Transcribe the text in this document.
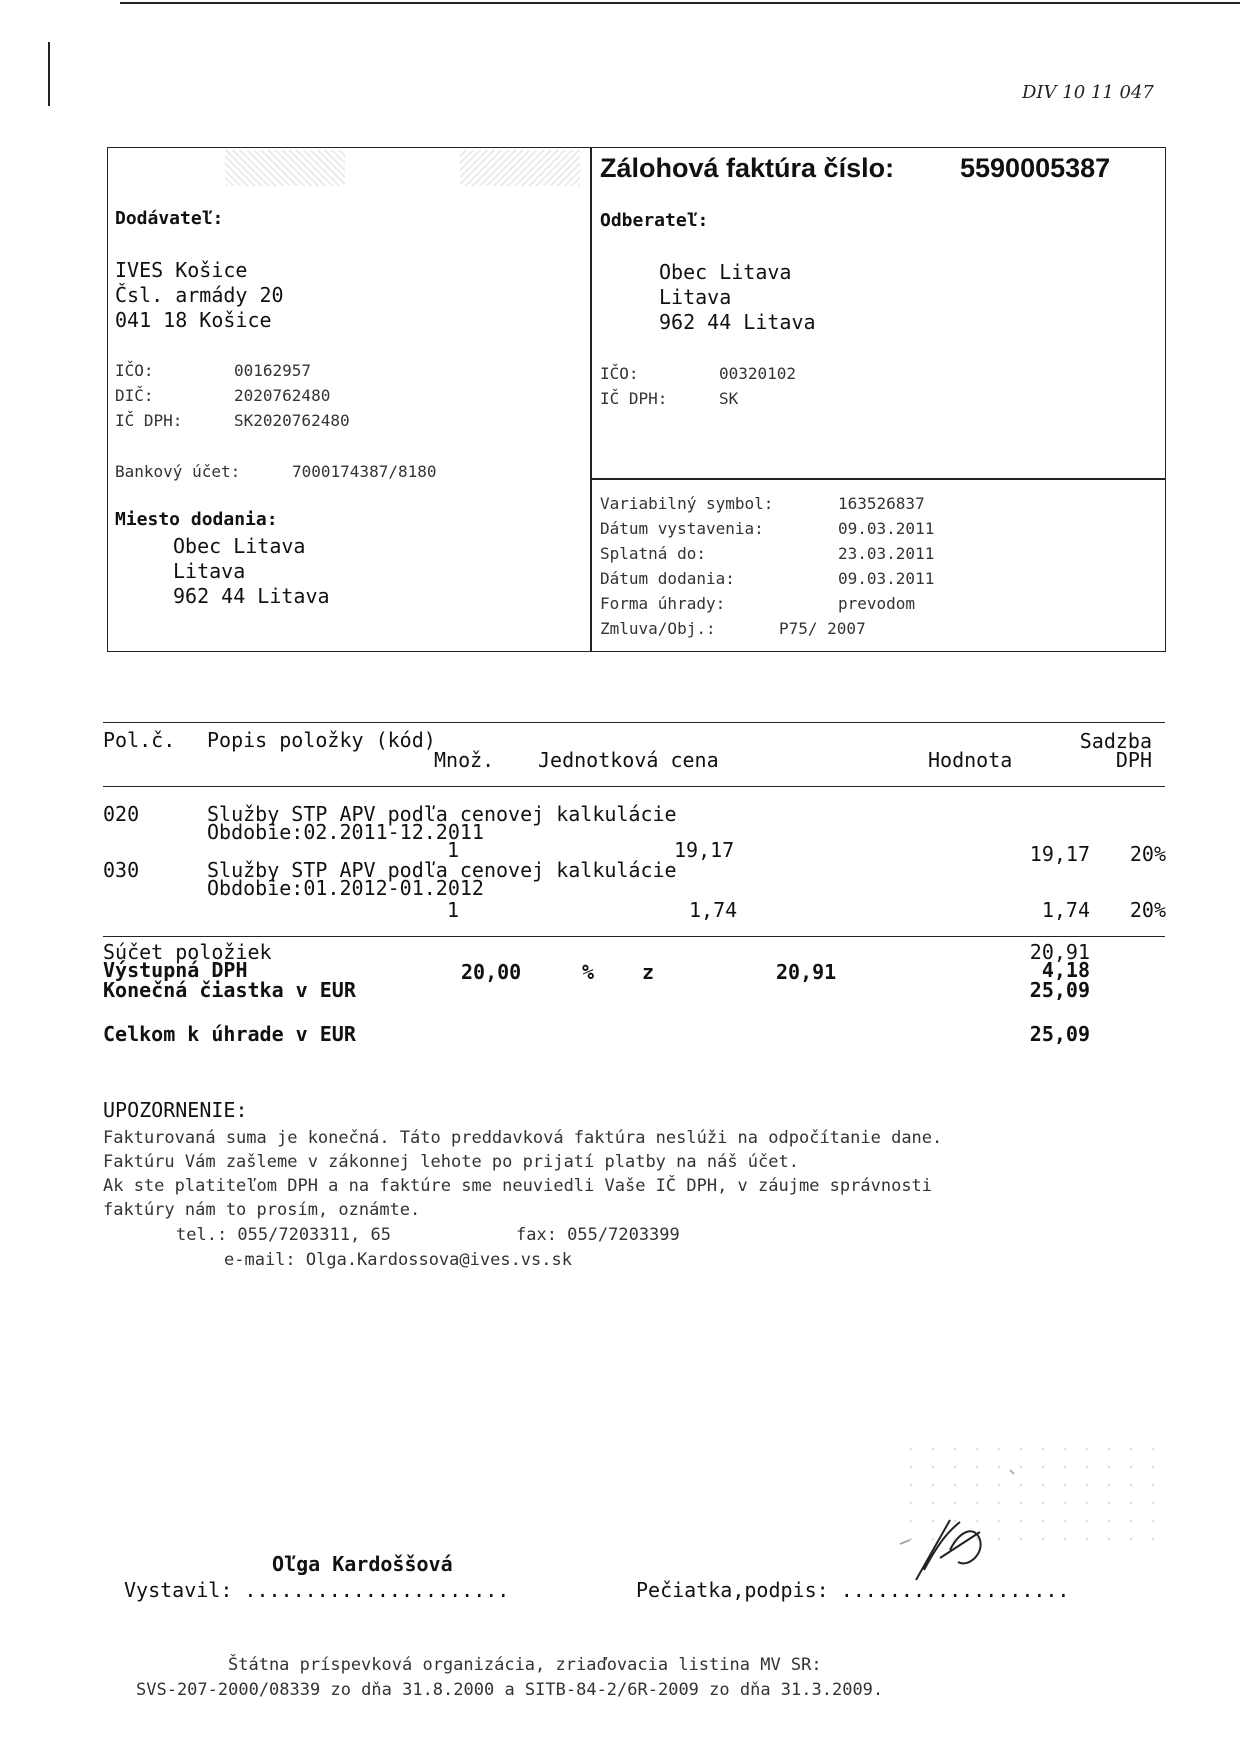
DIV 10 11 047
Zálohová faktúra číslo: 5590005387
Dodávateľ:
IVES Košice
Čsl. armády 20
041 18 Košice
IČO:	00162957
DIČ:	2020762480
IČ DPH:	SK2020762480
Bankový účet:	7000174387/8180
Miesto dodania:
Obec Litava
Litava
962 44 Litava
Odberateľ:
Obec Litava
Litava
962 44 Litava
IČO:	00320102
IČ DPH:	SK
Variabilný symbol:	163526837
Dátum vystavenia:	09.03.2011
Splatná do:	23.03.2011
Dátum dodania:	09.03.2011
Forma úhrady:	prevodom
Zmluva/Obj.:	P75/ 2007
Pol.č. Popis položky (kód)
Množ. Jednotková cena	Hodnota
Sadzba
DPH
020	Služby STP APV podľa cenovej kalkulácie
Obdobie:02.2011-12.2011
1	19,17	19,17 20%
030	Služby STP APV podľa cenovej kalkulácie
Obdobie:01.2012-01.2012
1	1,74	1,74 20%
Súčet položiek	20,91
Výstupná DPH	20,00	% z	20,91	4,18
Konečná čiastka v EUR	25,09
Celkom k úhrade v EUR	25,09
UPOZORNENIE:
Fakturovaná suma je konečná. Táto preddavková faktúra neslúži na odpočítanie dane.
Faktúru Vám zašleme v zákonnej lehote po prijatí platby na náš účet.
Ak ste platiteľom DPH a na faktúre sme neuviedli Vaše IČ DPH, v záujme správnosti
faktúry nám to prosím, oznámte.
tel.: 055/7203311, 65	fax: 055/7203399
e-mail: Olga.Kardossova@ives.vs.sk
Oľga Kardoššová
Vystavil: ......................	Pečiatka,podpis: ...................
Štátna príspevková organizácia, zriaďovacia listina MV SR:
SVS-207-2000/08339 zo dňa 31.8.2000 a SITB-84-2/6R-2009 zo dňa 31.3.2009.
